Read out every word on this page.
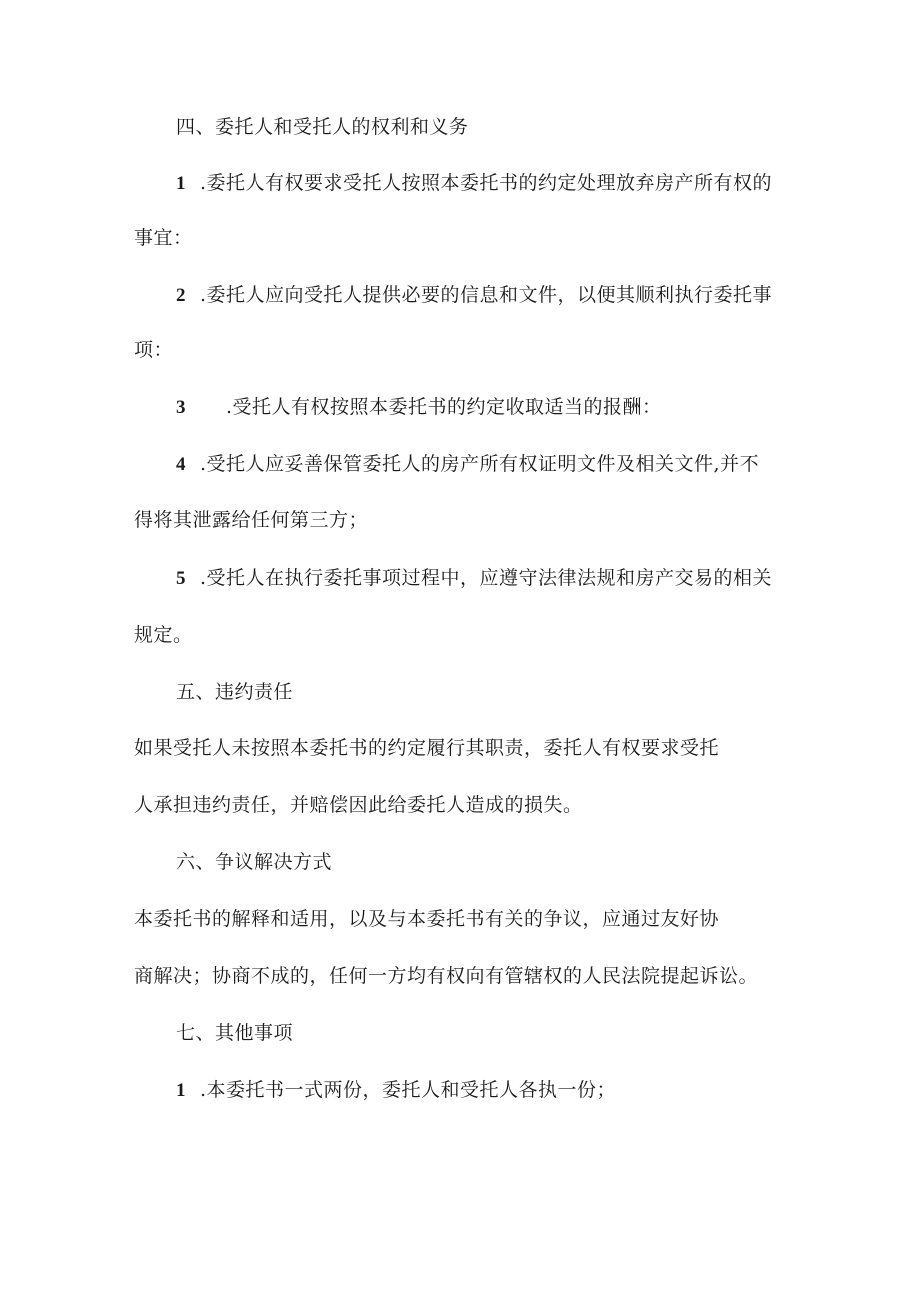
四、委托人和受托人的权利和义务
1 .委托人有权要求受托人按照本委托书的约定处理放弃房产所有权的
事宜：
2 .委托人应向受托人提供必要的信息和文件，以便其顺利执行委托事
项：
3 .受托人有权按照本委托书的约定收取适当的报酬：
4 .受托人应妥善保管委托人的房产所有权证明文件及相关文件,并不
得将其泄露给任何第三方；
5 .受托人在执行委托事项过程中，应遵守法律法规和房产交易的相关
规定。
五、违约责任
如果受托人未按照本委托书的约定履行其职责，委托人有权要求受托
人承担违约责任，并赔偿因此给委托人造成的损失。
六、争议解决方式
本委托书的解释和适用，以及与本委托书有关的争议，应通过友好协
商解决；协商不成的，任何一方均有权向有管辖权的人民法院提起诉讼。
七、其他事项
1 .本委托书一式两份，委托人和受托人各执一份；
